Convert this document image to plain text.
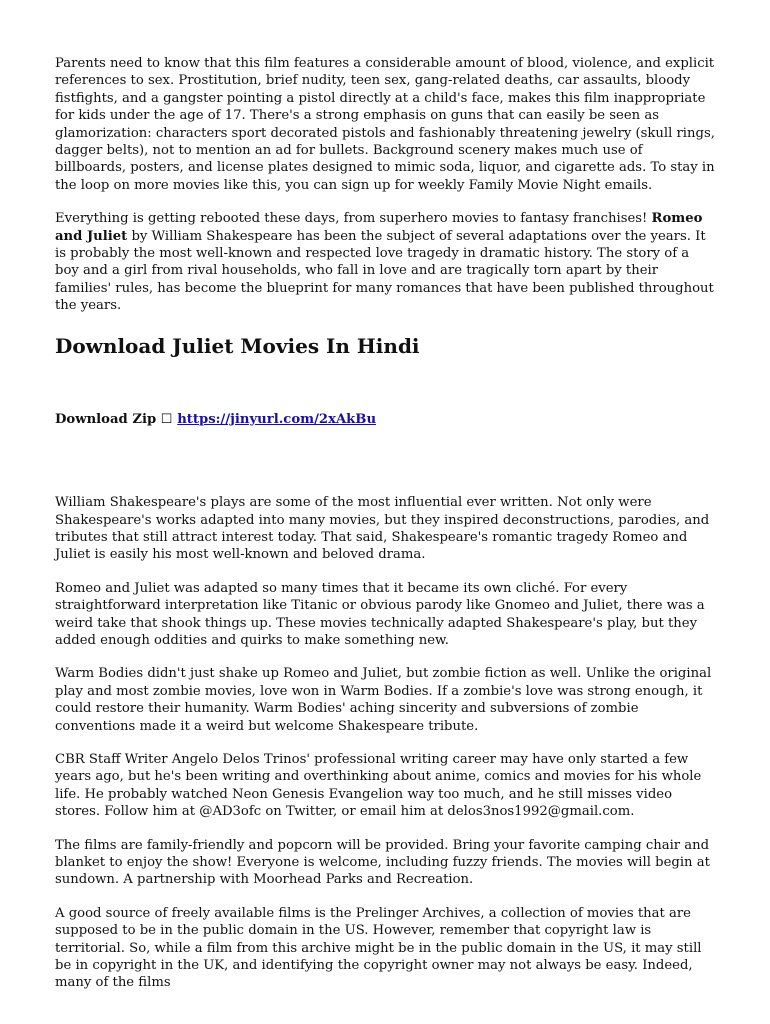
Parents need to know that this film features a considerable amount of blood, violence, and explicit references to sex. Prostitution, brief nudity, teen sex, gang-related deaths, car assaults, bloody fistfights, and a gangster pointing a pistol directly at a child's face, makes this film inappropriate for kids under the age of 17. There's a strong emphasis on guns that can easily be seen as glamorization: characters sport decorated pistols and fashionably threatening jewelry (skull rings, dagger belts), not to mention an ad for bullets. Background scenery makes much use of billboards, posters, and license plates designed to mimic soda, liquor, and cigarette ads. To stay in the loop on more movies like this, you can sign up for weekly Family Movie Night emails.

Everything is getting rebooted these days, from superhero movies to fantasy franchises! Romeo and Juliet by William Shakespeare has been the subject of several adaptations over the years. It is probably the most well-known and respected love tragedy in dramatic history. The story of a boy and a girl from rival households, who fall in love and are tragically torn apart by their families' rules, has become the blueprint for many romances that have been published throughout the years.

Download Juliet Movies In Hindi

Download Zip ☐ https://jinyurl.com/2xAkBu

William Shakespeare's plays are some of the most influential ever written. Not only were Shakespeare's works adapted into many movies, but they inspired deconstructions, parodies, and tributes that still attract interest today. That said, Shakespeare's romantic tragedy Romeo and Juliet is easily his most well-known and beloved drama.

Romeo and Juliet was adapted so many times that it became its own cliché. For every straightforward interpretation like Titanic or obvious parody like Gnomeo and Juliet, there was a weird take that shook things up. These movies technically adapted Shakespeare's play, but they added enough oddities and quirks to make something new.

Warm Bodies didn't just shake up Romeo and Juliet, but zombie fiction as well. Unlike the original play and most zombie movies, love won in Warm Bodies. If a zombie's love was strong enough, it could restore their humanity. Warm Bodies' aching sincerity and subversions of zombie conventions made it a weird but welcome Shakespeare tribute.

CBR Staff Writer Angelo Delos Trinos' professional writing career may have only started a few years ago, but he's been writing and overthinking about anime, comics and movies for his whole life. He probably watched Neon Genesis Evangelion way too much, and he still misses video stores. Follow him at @AD3ofc on Twitter, or email him at delos3nos1992@gmail.com.

The films are family-friendly and popcorn will be provided. Bring your favorite camping chair and blanket to enjoy the show! Everyone is welcome, including fuzzy friends. The movies will begin at sundown. A partnership with Moorhead Parks and Recreation.

A good source of freely available films is the Prelinger Archives, a collection of movies that are supposed to be in the public domain in the US. However, remember that copyright law is territorial. So, while a film from this archive might be in the public domain in the US, it may still be in copyright in the UK, and identifying the copyright owner may not always be easy. Indeed, many of the films
